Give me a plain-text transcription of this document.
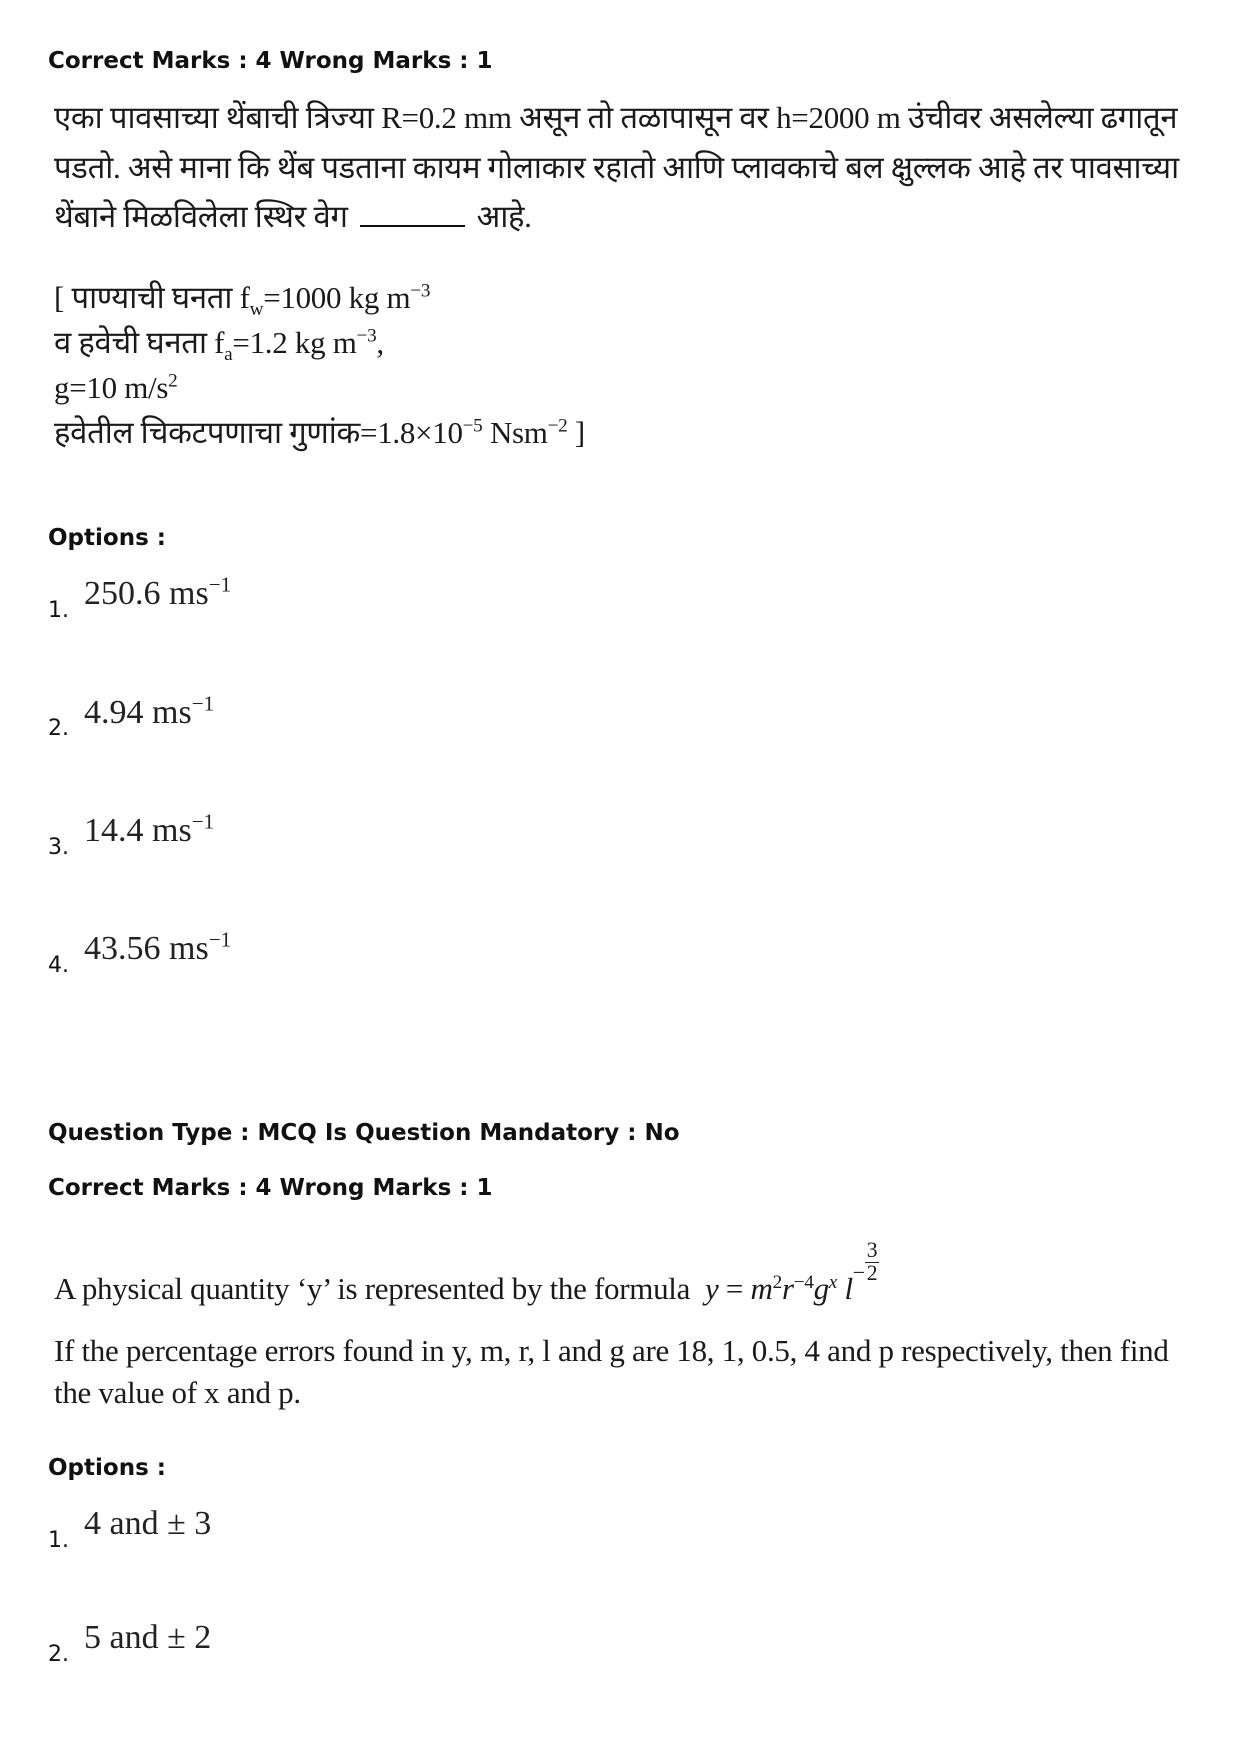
Correct Marks : 4 Wrong Marks : 1
एका पावसाच्या थेंबाची त्रिज्या R=0.2 mm असून तो तळापासून वर h=2000 m उंचीवर असलेल्या ढगातून
पडतो. असे माना कि थेंब पडताना कायम गोलाकार रहातो आणि प्लावकाचे बल क्षुल्लक आहे तर पावसाच्या
थेंबाने मिळविलेला स्थिर वेग	आहे.
[ पाण्याची घनता $f_w=1000$ kg $m^{-3}$
व हवेची घनता $f_a=1.2$ kg $m^{-3}$,
g=10 $m/s^2$
हवेतील चिकटपणाचा $गुणांक=1.8\times 10^{-5}$ Nsm$^{-2}$ ]
Options :
1. 250.6 $ms^{-1}$
2. 4.94 $ms^{-1}$
3. 14.4 $ms^{-1}$
4. 43.56 $ms^{-1}$
Question Type : MCQ Is Question Mandatory : No
Correct Marks : 4 Wrong Marks : 1
A physical quantity ‘y’ is represented by the formula $y = m^2r^{-4}g^x$ $l^- \frac{3}{2}$
If the percentage errors found in y, m, r, l and g are 18, 1, 0.5, 4 and p respectively, then find
the value of x and p.
Options :
1. 4 and ± 3
2. 5 and ± 2
